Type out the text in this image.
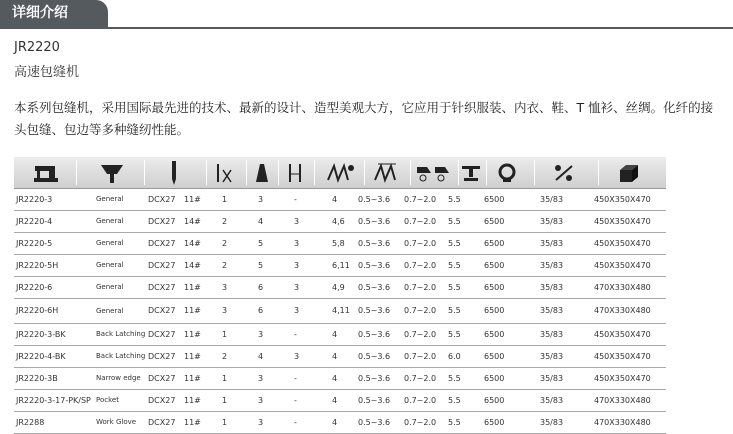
详细介绍
JR2220
高速包缝机
本系列包缝机，采用国际最先进的技术、最新的设计、造型美观大方，它应用于针织服装、内衣、鞋、T 恤衫、丝绸。化纤的接头包缝、包边等多种缝纫性能。
JR2220-3	General	DCX27 11#	1	3	-	4	0.5~3.6 0.7~2.0 5.5	6500	35/83	450X350X470
JR2220-4	General	DCX27 14#	2	4	3	4,6 0.5~3.6 0.7~2.0 5.5	6500	35/83	450X350X470
JR2220-5	General	DCX27 14#	2	5	3	5,8 0.5~3.6 0.7~2.0 5.5	6500	35/83	450X350X470
JR2220-5H	General	DCX27 14#	2	5	3	6,11 0.5~3.6 0.7~2.0 5.5	6500	35/83	450X350X470
JR2220-6	General	DCX27 11#	3	6	3	4,9 0.5~3.6 0.7~2.0 5.5	6500	35/83	470X330X480
JR2220-6H	General	DCX27 11#	3	6	3	4,11 0.5~3.6 0.7~2.0 5.5	6500	35/83	470X330X480
JR2220-3-BK	Back Latching DCX27 11#	1	3	-	4	0.5~3.6 0.7~2.0 5.5	6500	35/83	450X350X470
JR2220-4-BK	Back Latching DCX27 11#	2	4	3	4	0.5~3.6 0.7~2.0 6.0	6500	35/83	450X350X470
JR2220-3B	Narrow edge DCX27 11#	1	3	-	4	0.5~3.6 0.7~2.0 5.5	6500	35/83	450X350X470
JR2220-3-17-PK/SP Pocket	DCX27 11#	1	3	-	4	0.5~3.6 0.7~2.0 5.5	6500	35/83	470X330X480
JR2288	Work Glove DCX27 11#	1	3	-	4	0.5~3.6 0.7~2.0 5.5	6500	35/83	470X330X480
